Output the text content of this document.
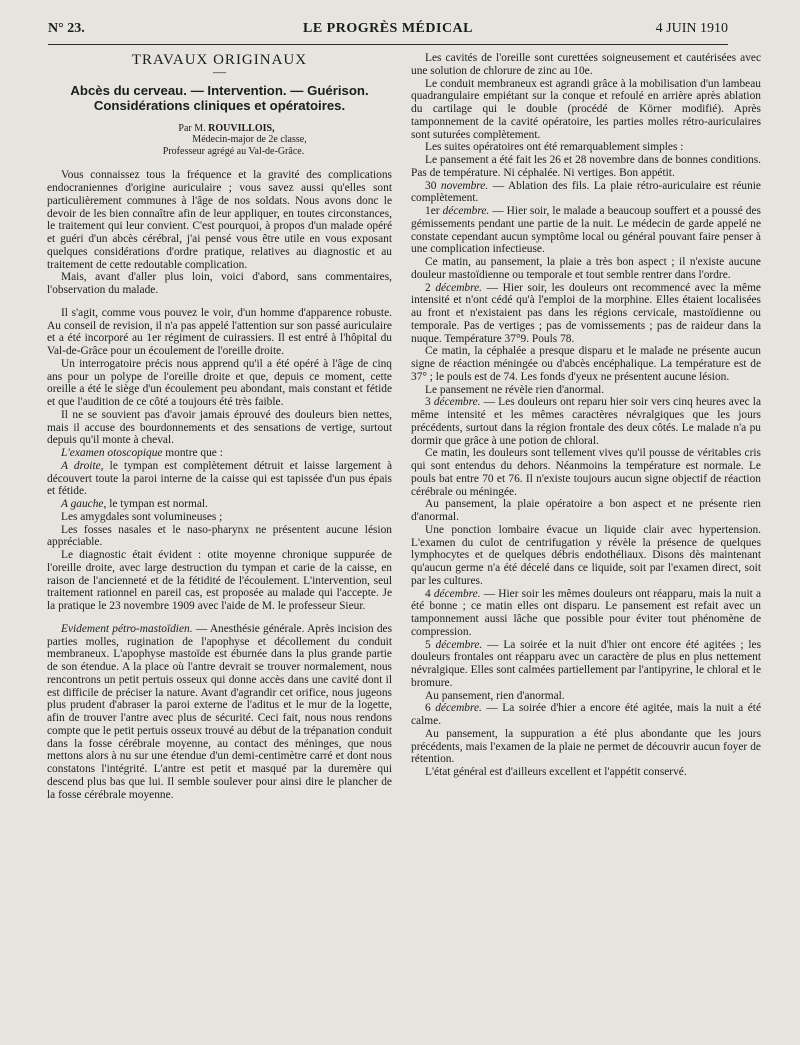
N° 23.	LE PROGRÈS MÉDICAL	4 JUIN 1910
TRAVAUX ORIGINAUX
—
Abcès du cerveau. — Intervention. — Guérison.
Considérations cliniques et opératoires.
Par M. ROUVILLOIS,
Médecin-major de 2e classe,
Professeur agrégé au Val-de-Grâce.

Vous connaissez tous la fréquence et la gravité des complications endocraniennes d'origine auriculaire ; vous savez aussi qu'elles sont particulièrement communes à l'âge de nos soldats. Nous avons donc le devoir de les bien connaître afin de leur appliquer, en toutes circonstances, le traitement qui leur convient. C'est pourquoi, à propos d'un malade opéré et guéri d'un abcès cérébral, j'ai pensé vous être utile en vous exposant quelques considérations d'ordre pratique, relatives au diagnostic et au traitement de cette redoutable complication.

Mais, avant d'aller plus loin, voici d'abord, sans commentaires, l'observation du malade.

Il s'agit, comme vous pouvez le voir, d'un homme d'apparence robuste. Au conseil de revision, il n'a pas appelé l'attention sur son passé auriculaire et a été incorporé au 1er régiment de cuirassiers. Il est entré à l'hôpital du Val-de-Grâce pour un écoulement de l'oreille droite.

Un interrogatoire précis nous apprend qu'il a été opéré à l'âge de cinq ans pour un polype de l'oreille droite et que, depuis ce moment, cette oreille a été le siège d'un écoulement peu abondant, mais constant et fétide et que l'audition de ce côté a toujours été très faible.

Il ne se souvient pas d'avoir jamais éprouvé des douleurs bien nettes, mais il accuse des bourdonnements et des sensations de vertige, surtout depuis qu'il monte à cheval.

L'examen otoscopique montre que :

A droite, le tympan est complètement détruit et laisse largement à découvert toute la paroi interne de la caisse qui est tapissée d'un pus épais et fétide.

A gauche, le tympan est normal.

Les amygdales sont volumineuses ;

Les fosses nasales et le naso-pharynx ne présentent aucune lésion appréciable.

Le diagnostic était évident : otite moyenne chronique suppurée de l'oreille droite, avec large destruction du tympan et carie de la caisse, en raison de l'ancienneté et de la fétidité de l'écoulement. L'intervention, seul traitement rationnel en pareil cas, est proposée au malade qui l'accepte. Je la pratique le 23 novembre 1909 avec l'aide de M. le professeur Sieur.

Evidement pétro-mastoïdien. — Anesthésie générale. Après incision des parties molles, rugination de l'apophyse et décollement du conduit membraneux. L'apophyse mastoïde est éburnée dans la plus grande partie de son étendue. A la place où l'antre devrait se trouver normalement, nous rencontrons un petit pertuis osseux qui donne accès dans une cavité dont il est difficile de préciser la nature. Avant d'agrandir cet orifice, nous jugeons plus prudent d'abraser la paroi externe de l'aditus et le mur de la logette, afin de trouver l'antre avec plus de sécurité. Ceci fait, nous nous rendons compte que le petit pertuis osseux trouvé au début de la trépanation conduit dans la fosse cérébrale moyenne, au contact des méninges, que nous mettons alors à nu sur une étendue d'un demi-centimètre carré et dont nous constatons l'intégrité. L'antre est petit et masqué par la duremère qui descend plus bas que lui. Il semble soulever pour ainsi dire le plancher de la fosse cérébrale moyenne.

Les cavités de l'oreille sont curettées soigneusement et cautérisées avec une solution de chlorure de zinc au 10e.

Le conduit membraneux est agrandi grâce à la mobilisation d'un lambeau quadrangulaire empiétant sur la conque et refoulé en arrière après ablation du cartilage qui le double (procédé de Körner modifié). Après tamponnement de la cavité opératoire, les parties molles rétro-auriculaires sont suturées complètement.

Les suites opératoires ont été remarquablement simples :

Le pansement a été fait les 26 et 28 novembre dans de bonnes conditions. Pas de température. Ni céphalée. Ni vertiges. Bon appétit.

30 novembre. — Ablation des fils. La plaie rétro-auriculaire est réunie complètement.

1er décembre. — Hier soir, le malade a beaucoup souffert et a poussé des gémissements pendant une partie de la nuit. Le médecin de garde appelé ne constate cependant aucun symptôme local ou général pouvant faire penser à une complication infectieuse.

Ce matin, au pansement, la plaie a très bon aspect ; il n'existe aucune douleur mastoïdienne ou temporale et tout semble rentrer dans l'ordre.

2 décembre. — Hier soir, les douleurs ont recommencé avec la même intensité et n'ont cédé qu'à l'emploi de la morphine. Elles étaient localisées au front et n'existaient pas dans les régions cervicale, mastoïdienne ou temporale. Pas de vertiges ; pas de vomissements ; pas de raideur dans la nuque. Température 37°9. Pouls 78.

Ce matin, la céphalée a presque disparu et le malade ne présente aucun signe de réaction méningée ou d'abcès encéphalique. La température est de 37° ; le pouls est de 74. Les fonds d'yeux ne présentent aucune lésion.

Le pansement ne révèle rien d'anormal.

3 décembre. — Les douleurs ont reparu hier soir vers cinq heures avec la même intensité et les mêmes caractères névralgiques que les jours précédents, surtout dans la région frontale des deux côtés. Le malade n'a pu dormir que grâce à une potion de chloral.

Ce matin, les douleurs sont tellement vives qu'il pousse de véritables cris qui sont entendus du dehors. Néanmoins la température est normale. Le pouls bat entre 70 et 76. Il n'existe toujours aucun signe objectif de réaction cérébrale ou méningée.

Au pansement, la plaie opératoire a bon aspect et ne présente rien d'anormal.

Une ponction lombaire évacue un liquide clair avec hypertension. L'examen du culot de centrifugation y révèle la présence de quelques lymphocytes et de quelques débris endothéliaux. Disons dès maintenant qu'aucun germe n'a été décelé dans ce liquide, soit par l'examen direct, soit par les cultures.

4 décembre. — Hier soir les mêmes douleurs ont réapparu, mais la nuit a été bonne ; ce matin elles ont disparu. Le pansement est refait avec un tamponnement aussi lâche que possible pour éviter tout phénomène de compression.

5 décembre. — La soirée et la nuit d'hier ont encore été agitées ; les douleurs frontales ont réapparu avec un caractère de plus en plus nettement névralgique. Elles sont calmées partiellement par l'antipyrine, le chloral et le bromure.

Au pansement, rien d'anormal.

6 décembre. — La soirée d'hier a encore été agitée, mais la nuit a été calme.

Au pansement, la suppuration a été plus abondante que les jours précédents, mais l'examen de la plaie ne permet de découvrir aucun foyer de rétention.

L'état général est d'ailleurs excellent et l'appétit conservé.
